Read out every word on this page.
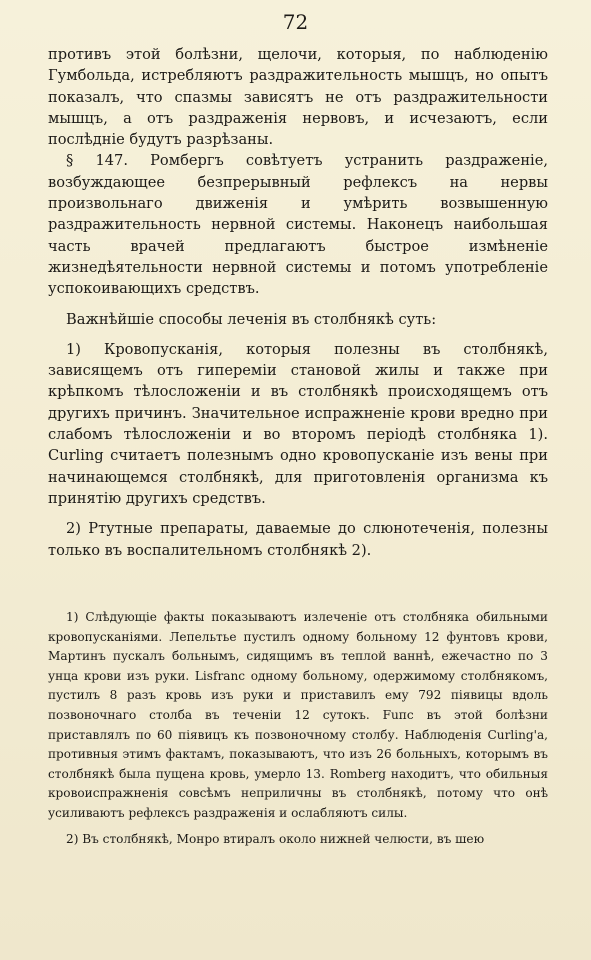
72

противъ этой болѣзни, щелочи, которыя, по наблюденію Гумбольда, истребляютъ раздражительность мышцъ, но опытъ показалъ, что спазмы зависятъ не отъ раздражительности мышцъ, а отъ раздраженія нервовъ, и исчезаютъ, если послѣдніе будутъ разрѣзаны.

§ 147. Ромбергъ совѣтуетъ устранить раздраженіе, возбуждающее безпрерывный рефлексъ на нервы произвольнаго движенія и умѣрить возвышенную раздражительность нервной системы. Наконецъ наибольшая часть врачей предлагаютъ быстрое измѣненіе жизнедѣятельности нервной системы и потомъ употребленіе успокоивающихъ средствъ.

Важнѣйшіе способы леченія въ столбнякѣ суть:

1) Кровопусканія, которыя полезны въ столбнякѣ, зависящемъ отъ гипереміи становой жилы и также при крѣпкомъ тѣлосложеніи и въ столбнякѣ происходящемъ отъ другихъ причинъ. Значительное испражненіе крови вредно при слабомъ тѣлосложеніи и во второмъ періодѣ столбняка 1). Curling считаетъ полезнымъ одно кровопусканіе изъ вены при начинающемся столбнякѣ, для приготовленія организма къ принятію другихъ средствъ.

2) Ртутные препараты, даваемые до слюнотеченія, полезны только въ воспалительномъ столбнякѣ 2).

1) Слѣдующіе факты показываютъ излеченіе отъ столбняка обильными кровопусканіями. Лепельтье пустилъ одному больному 12 фунтовъ крови, Мартинъ пускалъ больнымъ, сидящимъ въ теплой ваннѣ, ежечастно по 3 унца крови изъ руки. Lisfranc одному больному, одержимому столбнякомъ, пустилъ 8 разъ кровь изъ руки и приставилъ ему 792 піявицы вдоль позвоночнаго столба въ теченіи 12 сутокъ. Fuпс въ этой болѣзни приставлялъ по 60 піявицъ къ позвоночному столбу. Наблюденія Curling'a, противныя этимъ фактамъ, показываютъ, что изъ 26 больныхъ, которымъ въ столбнякѣ была пущена кровь, умерло 13. Romberg находитъ, что обильныя кровоиспражненія совсѣмъ неприличны въ столбнякѣ, потому что онѣ усиливаютъ рефлексъ раздраженія и ослабляютъ силы.

2) Въ столбнякѣ, Монро втиралъ около нижней челюсти, въ шею
